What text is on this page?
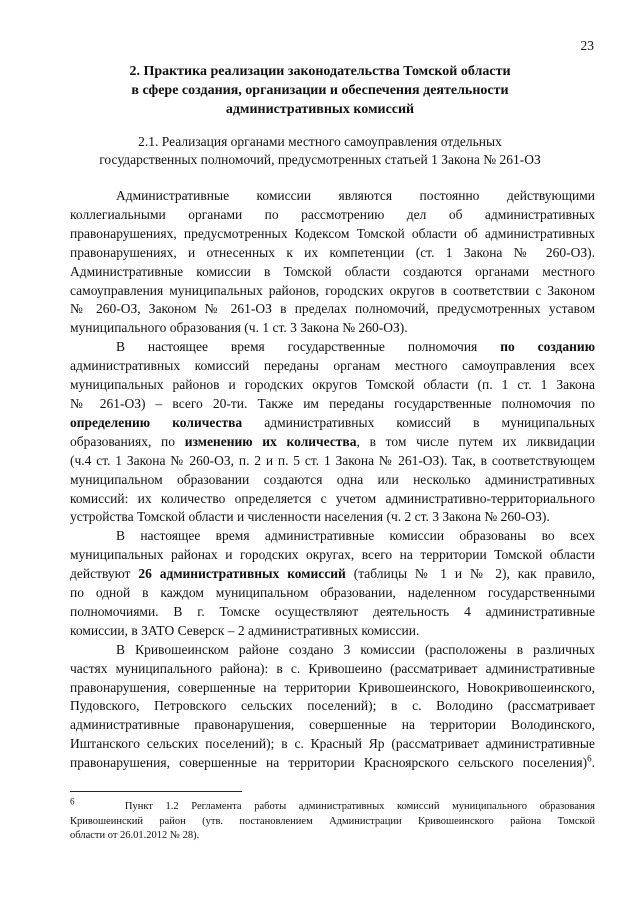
23
2. Практика реализации законодательства Томской области
в сфере создания, организации и обеспечения деятельности
административных комиссий
2.1. Реализация органами местного самоуправления отдельных
государственных полномочий, предусмотренных статьей 1 Закона № 261-ОЗ
Административные комиссии являются постоянно действующими
коллегиальными органами по рассмотрению дел об административных
правонарушениях, предусмотренных Кодексом Томской области об административных
правонарушениях, и отнесенных к их компетенции (ст. 1 Закона № 260-ОЗ).
Административные комиссии в Томской области создаются органами местного
самоуправления муниципальных районов, городских округов в соответствии с Законом
№ 260-ОЗ, Законом № 261-ОЗ в пределах полномочий, предусмотренных уставом
муниципального образования (ч. 1 ст. 3 Закона № 260-ОЗ).
В настоящее время государственные полномочия по созданию
административных комиссий переданы органам местного самоуправления всех
муниципальных районов и городских округов Томской области (п. 1 ст. 1 Закона
№ 261-ОЗ) – всего 20-ти. Также им переданы государственные полномочия по
определению количества административных комиссий в муниципальных
образованиях, по изменению их количества, в том числе путем их ликвидации
(ч.4 ст. 1 Закона № 260-ОЗ, п. 2 и п. 5 ст. 1 Закона № 261-ОЗ). Так, в соответствующем
муниципальном образовании создаются одна или несколько административных
комиссий: их количество определяется с учетом административно-территориального
устройства Томской области и численности населения (ч. 2 ст. 3 Закона № 260-ОЗ).
В настоящее время административные комиссии образованы во всех
муниципальных районах и городских округах, всего на территории Томской области
действуют 26 административных комиссий (таблицы № 1 и № 2), как правило,
по одной в каждом муниципальном образовании, наделенном государственными
полномочиями. В г. Томске осуществляют деятельность 4 административные
комиссии, в ЗАТО Северск – 2 административных комиссии.
В Кривошеинском районе создано 3 комиссии (расположены в различных
частях муниципального района): в с. Кривошеино (рассматривает административные
правонарушения, совершенные на территории Кривошеинского, Новокривошеинского,
Пудовского, Петровского сельских поселений); в с. Володино (рассматривает
административные правонарушения, совершенные на территории Володинского,
Иштанского сельских поселений); в с. Красный Яр (рассматривает административные
правонарушения, совершенные на территории Красноярского сельского поселения)$^6$.
$^6$	Пункт 1.2 Регламента работы административных комиссий муниципального образования
Кривошеинский район (утв. постановлением Администрации Кривошеинского района Томской
области от 26.01.2012 № 28).
